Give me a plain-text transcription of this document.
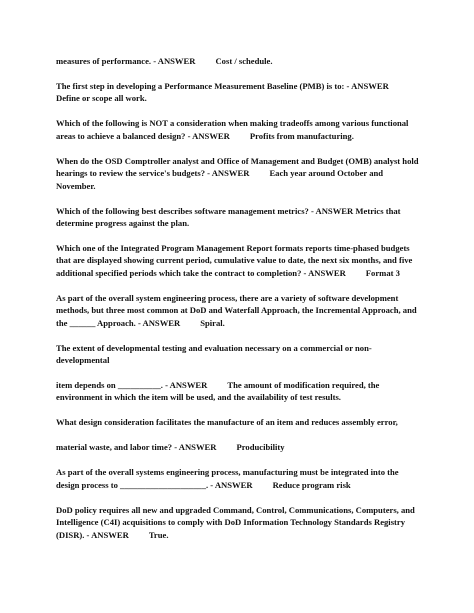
measures of performance. - ANSWER Cost / schedule.

The first step in developing a Performance Measurement Baseline (PMB) is to: - ANSWERDefine or scope all work.

Which of the following is NOT a consideration when making tradeoffs among various functional areas to achieve a balanced design? - ANSWER Profits from manufacturing.

When do the OSD Comptroller analyst and Office of Management and Budget (OMB) analyst hold hearings to review the service's budgets? - ANSWER Each year around October and November.

Which of the following best describes software management metrics? - ANSWER Metrics that determine progress against the plan.

Which one of the Integrated Program Management Report formats reports time-phased budgets that are displayed showing current period, cumulative value to date, the next six months, and five additional specified periods which take the contract to completion? - ANSWER Format 3

As part of the overall system engineering process, there are a variety of software development methods, but three most common at DoD and Waterfall Approach, the Incremental Approach, and the ______ Approach. - ANSWER Spiral.

The extent of developmental testing and evaluation necessary on a commercial or non-developmental

item depends on __________. - ANSWER The amount of modification required, the environment in which the item will be used, and the availability of test results.

What design consideration facilitates the manufacture of an item and reduces assembly error,

material waste, and labor time? - ANSWER Producibility

As part of the overall systems engineering process, manufacturing must be integrated into the design process to ____________________. - ANSWER Reduce program risk

DoD policy requires all new and upgraded Command, Control, Communications, Computers, and Intelligence (C4I) acquisitions to comply with DoD Information Technology Standards Registry (DISR). - ANSWER True.
